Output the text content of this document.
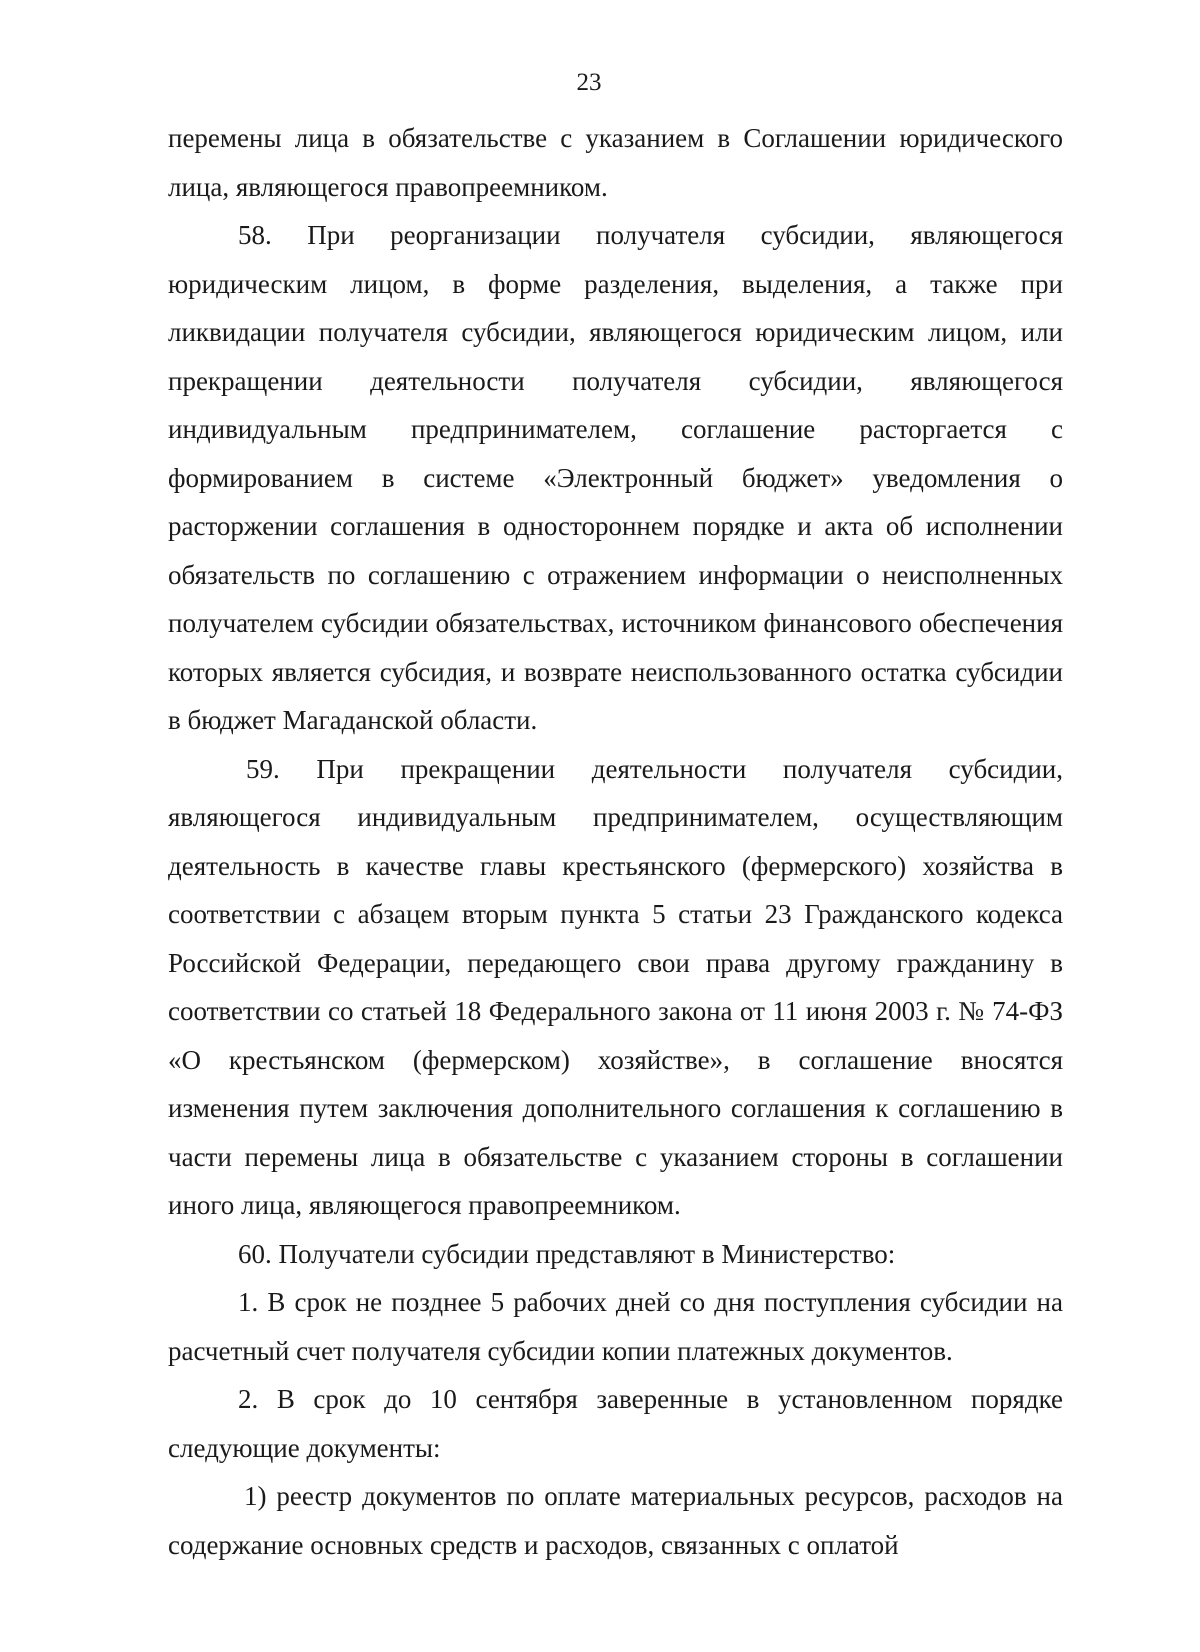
23

перемены лица в обязательстве с указанием в Соглашении юридического лица, являющегося правопреемником.

58. При реорганизации получателя субсидии, являющегося юридическим лицом, в форме разделения, выделения, а также при ликвидации получателя субсидии, являющегося юридическим лицом, или прекращении деятельности получателя субсидии, являющегося индивидуальным предпринимателем, соглашение расторгается с формированием в системе «Электронный бюджет» уведомления о расторжении соглашения в одностороннем порядке и акта об исполнении обязательств по соглашению с отражением информации о неисполненных получателем субсидии обязательствах, источником финансового обеспечения которых является субсидия, и возврате неиспользованного остатка субсидии в бюджет Магаданской области.

59. При прекращении деятельности получателя субсидии, являющегося индивидуальным предпринимателем, осуществляющим деятельность в качестве главы крестьянского (фермерского) хозяйства в соответствии с абзацем вторым пункта 5 статьи 23 Гражданского кодекса Российской Федерации, передающего свои права другому гражданину в соответствии со статьей 18 Федерального закона от 11 июня 2003 г. № 74-ФЗ «О крестьянском (фермерском) хозяйстве», в соглашение вносятся изменения путем заключения дополнительного соглашения к соглашению в части перемены лица в обязательстве с указанием стороны в соглашении иного лица, являющегося правопреемником.

60. Получатели субсидии представляют в Министерство:

1. В срок не позднее 5 рабочих дней со дня поступления субсидии на расчетный счет получателя субсидии копии платежных документов.

2. В срок до 10 сентября заверенные в установленном порядке следующие документы:

1) реестр документов по оплате материальных ресурсов, расходов на содержание основных средств и расходов, связанных с оплатой
